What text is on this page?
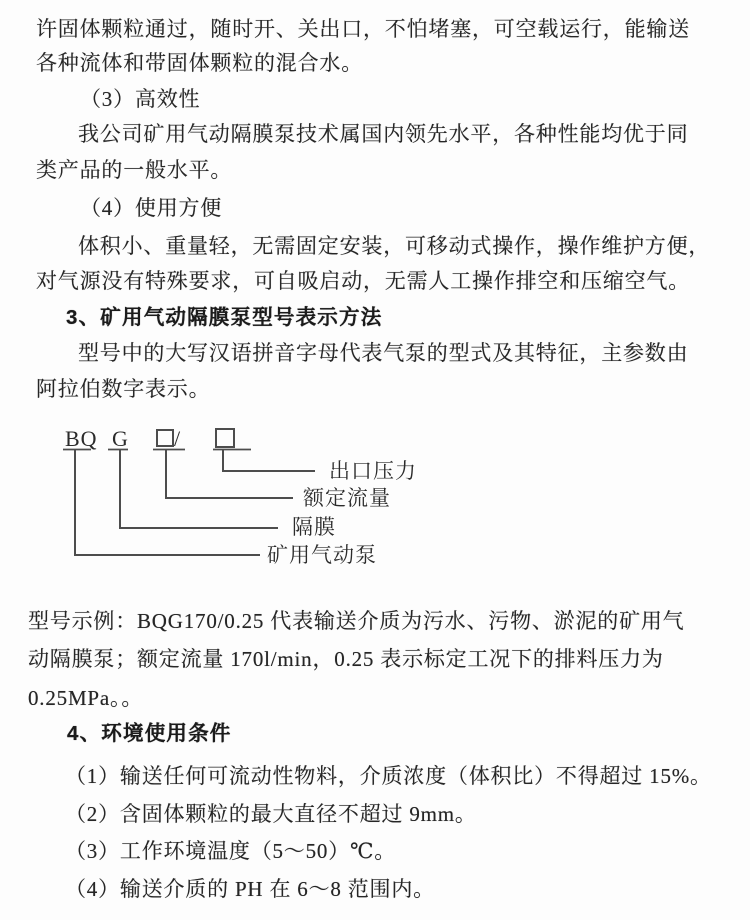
许固体颗粒通过，随时开、关出口，不怕堵塞，可空载运行，能输送
各种流体和带固体颗粒的混合水。
（3）高效性
我公司矿用气动隔膜泵技术属国内领先水平，各种性能均优于同
类产品的一般水平。
（4）使用方便
体积小、重量轻，无需固定安装，可移动式操作，操作维护方便，
对气源没有特殊要求，可自吸启动，无需人工操作排空和压缩空气。
3、矿用气动隔膜泵型号表示方法
型号中的大写汉语拼音字母代表气泵的型式及其特征，主参数由
阿拉伯数字表示。
BQ G /
出口压力
额定流量
隔膜
矿用气动泵
型号示例：BQG170/0.25 代表输送介质为污水、污物、淤泥的矿用气
动隔膜泵；额定流量 170l/min，0.25 表示标定工况下的排料压力为
0.25MPa。。
4、环境使用条件
（1）输送任何可流动性物料，介质浓度（体积比）不得超过 15%。
（2）含固体颗粒的最大直径不超过 9mm。
（3）工作环境温度（5～50）℃。
（4）输送介质的 PH 在 6～8 范围内。
